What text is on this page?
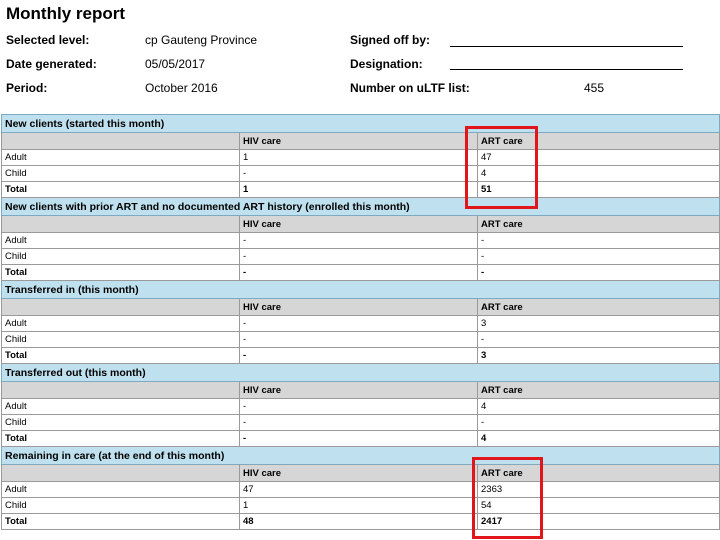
Monthly report
Selected level:	cp Gauteng Province
Date generated:	05/05/2017
Period:	October 2016
Signed off by:
Designation:
Number on uLTF list:	455
New clients (started this month)		
	HIV care	ART care
Adult	1	47
Child	-	4
Total	1	51
New clients with prior ART and no documented ART history (enrolled this month)		
	HIV care	ART care
Adult	-	-
Child	-	-
Total	-	-
Transferred in (this month)		
	HIV care	ART care
Adult	-	3
Child	-	-
Total	-	3
Transferred out (this month)		
	HIV care	ART care
Adult	-	4
Child	-	-
Total	-	4
Remaining in care (at the end of this month)		
	HIV care	ART care
Adult	47	2363
Child	1	54
Total	48	2417
